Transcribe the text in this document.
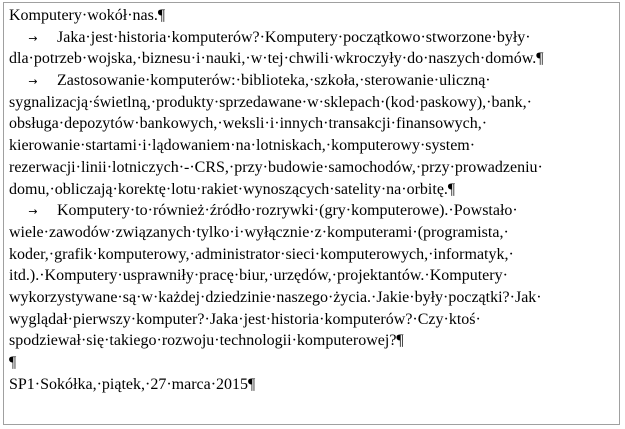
Komputery·wokół·nas.¶
→ Jaka·jest·historia·komputerów?·Komputery·początkowo·stworzone·były·
dla·potrzeb·wojska,·biznesu·i·nauki,·w·tej·chwili·wkroczyły·do·naszych·domów.¶
→ Zastosowanie·komputerów:·biblioteka,·szkoła,·sterowanie·uliczną·
sygnalizacją·świetlną,·produkty·sprzedawane·w·sklepach·(kod·paskowy),·bank,·
obsługa·depozytów·bankowych,·weksli·i·innych·transakcji·finansowych,·
kierowanie·startami·i·lądowaniem·na·lotniskach,·komputerowy·system·
rezerwacji·linii·lotniczych·-·CRS,·przy·budowie·samochodów,·przy·prowadzeniu·
domu,·obliczają·korektę·lotu·rakiet·wynoszących·satelity·na·orbitę.¶
→ Komputery·to·również·źródło·rozrywki·(gry·komputerowe).·Powstało·
wiele·zawodów·związanych·tylko·i·wyłącznie·z·komputerami·(programista,·
koder,·grafik·komputerowy,·administrator·sieci·komputerowych,·informatyk,·
itd.).·Komputery·usprawniły·pracę·biur,·urzędów,·projektantów.·Komputery·
wykorzystywane·są·w·każdej·dziedzinie·naszego·życia.·Jakie·były·początki?·Jak·
wyglądał·pierwszy·komputer?·Jaka·jest·historia·komputerów?·Czy·ktoś·
spodziewał·się·takiego·rozwoju·technologii·komputerowej?¶
¶
SP1·Sokółka,·piątek,·27·marca·2015¶
